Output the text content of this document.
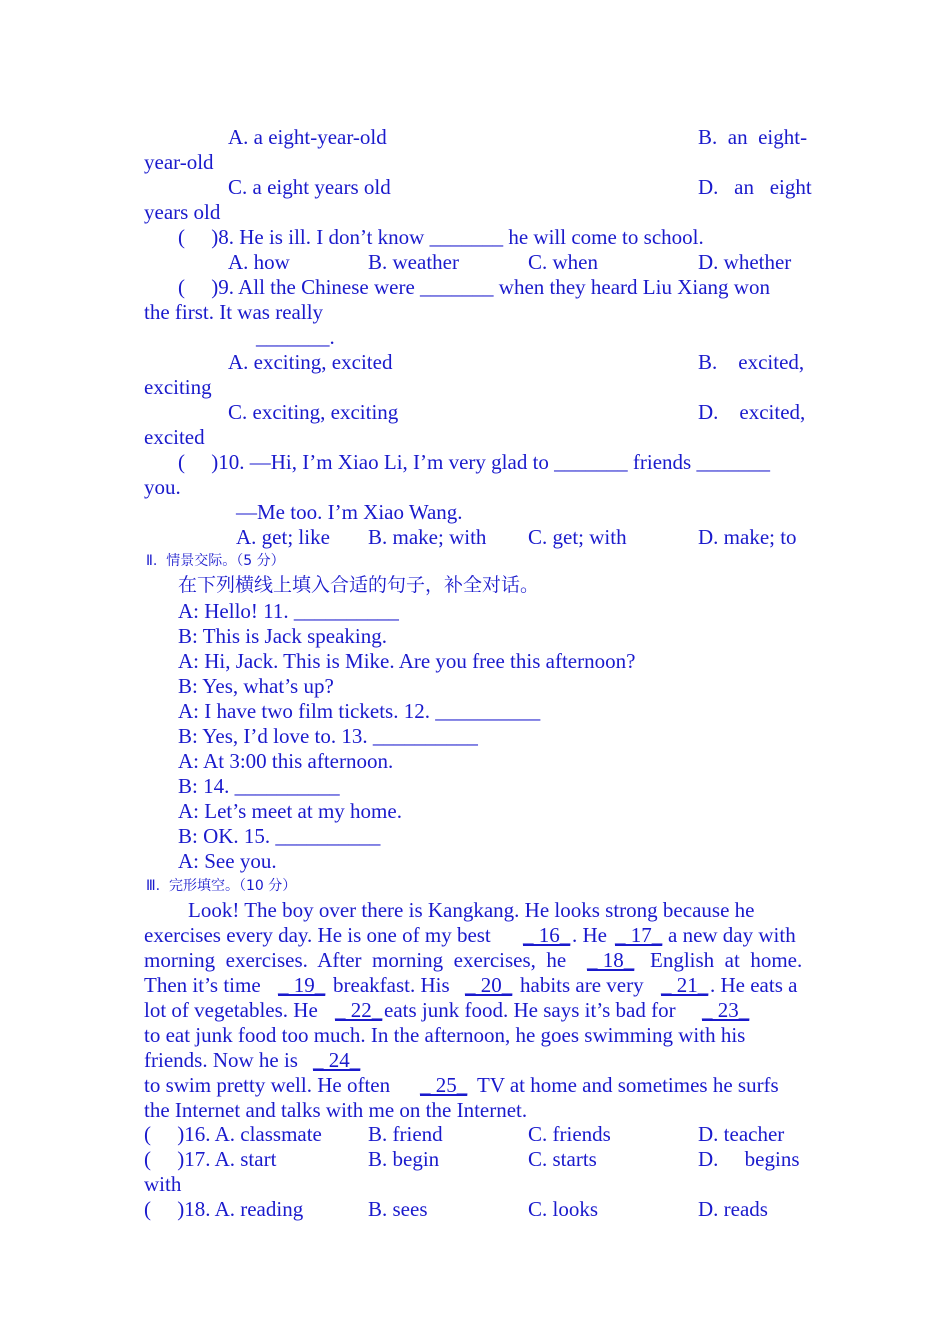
A. a eight-year-old	B.  an  eight-
year-old
C. a eight years old	D.   an   eight
years old
(     )8. He is ill. I don’t know _______ he will come to school.
A. how	B. weather	C. when	D. whether
(     )9. All the Chinese were _______ when they heard Liu Xiang won
the first. It was really
_______.
A. exciting, excited	B.    excited,
exciting
C. exciting, exciting	D.    excited,
excited
(     )10. —Hi, I’m Xiao Li, I’m very glad to _______ friends _______
you.
—Me too. I’m Xiao Wang.
A. get; like B. make; with C. get; with	D. make; to
Ⅱ.  情景交际。（5 分）
在下列横线上填入合适的句子，补全对话。
A: Hello! 11. __________
B: This is Jack speaking.
A: Hi, Jack. This is Mike. Are you free this afternoon?
B: Yes, what’s up?
A: I have two film tickets. 12. __________
B: Yes, I’d love to. 13. __________
A: At 3:00 this afternoon.
B: 14. __________
A: Let’s meet at my home.
B: OK. 15. __________
A: See you.
Ⅲ.  完形填空。（10 分）
Look! The boy over there is Kangkang. He looks strong because he
exercises every day. He is one of my best _ 16_ . He _ 17_ a new day with
morning  exercises.  After  morning  exercises,  he _ 18_ English  at  home.
Then it’s time _ 19_ breakfast. His _ 20_ habits are very _ 21_ . He eats a
lot of vegetables. He _ 22_ eats junk food. He says it’s bad for _ 23_
to eat junk food too much. In the afternoon, he goes swimming with his
friends. Now he is _ 24_
to swim pretty well. He often _ 25_ TV at home and sometimes he surfs
the Internet and talks with me on the Internet.
(     )16. A. classmate B. friend	C. friends	D. teacher
(     )17. A. start	B. begin	C. starts	D.     begins
with
(     )18. A. reading	B. sees	C. looks	D. reads
